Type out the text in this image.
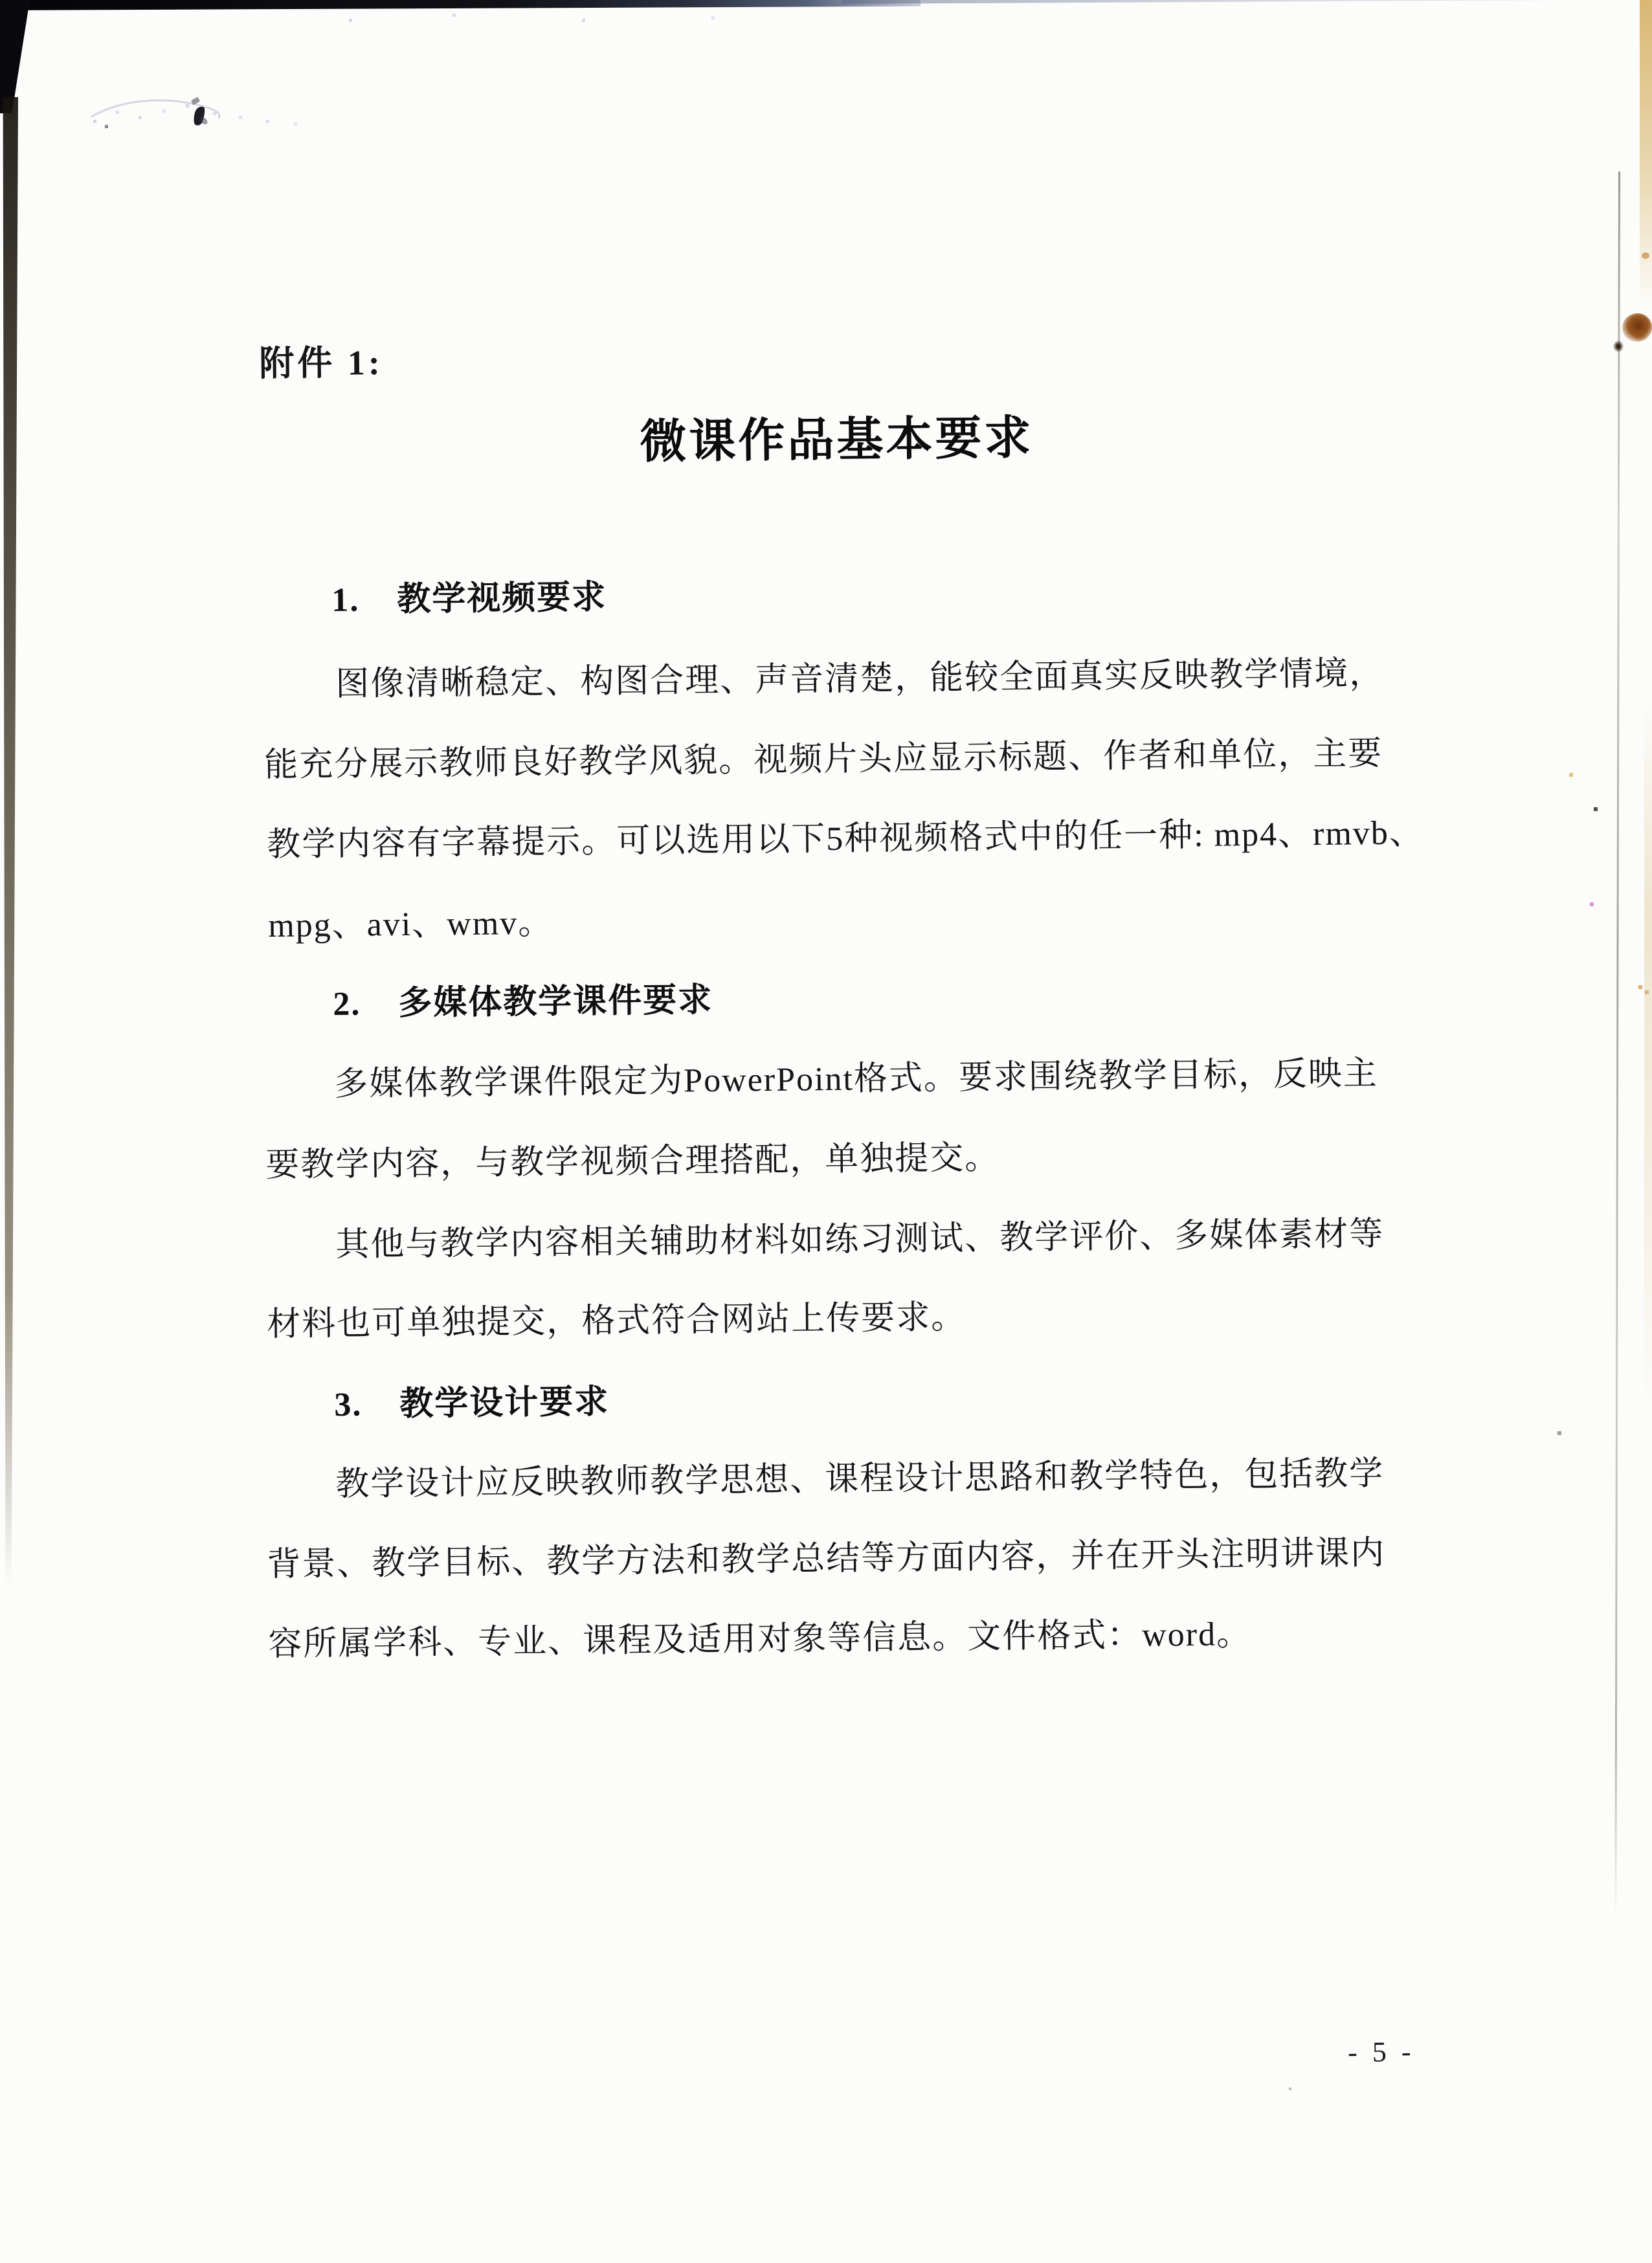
附件 1:
微课作品基本要求
1.  教学视频要求
图像清晰稳定、构图合理、声音清楚，能较全面真实反映教学情境，
能充分展示教师良好教学风貌。视频片头应显示标题、作者和单位，主要
教学内容有字幕提示。可以选用以下5种视频格式中的任一种: mp4、rmvb、
mpg、avi、wmv。
2.  多媒体教学课件要求
多媒体教学课件限定为PowerPoint格式。要求围绕教学目标，反映主
要教学内容，与教学视频合理搭配，单独提交。
其他与教学内容相关辅助材料如练习测试、教学评价、多媒体素材等
材料也可单独提交，格式符合网站上传要求。
3.  教学设计要求
教学设计应反映教师教学思想、课程设计思路和教学特色，包括教学
背景、教学目标、教学方法和教学总结等方面内容，并在开头注明讲课内
容所属学科、专业、课程及适用对象等信息。文件格式：word。
- 5 -
